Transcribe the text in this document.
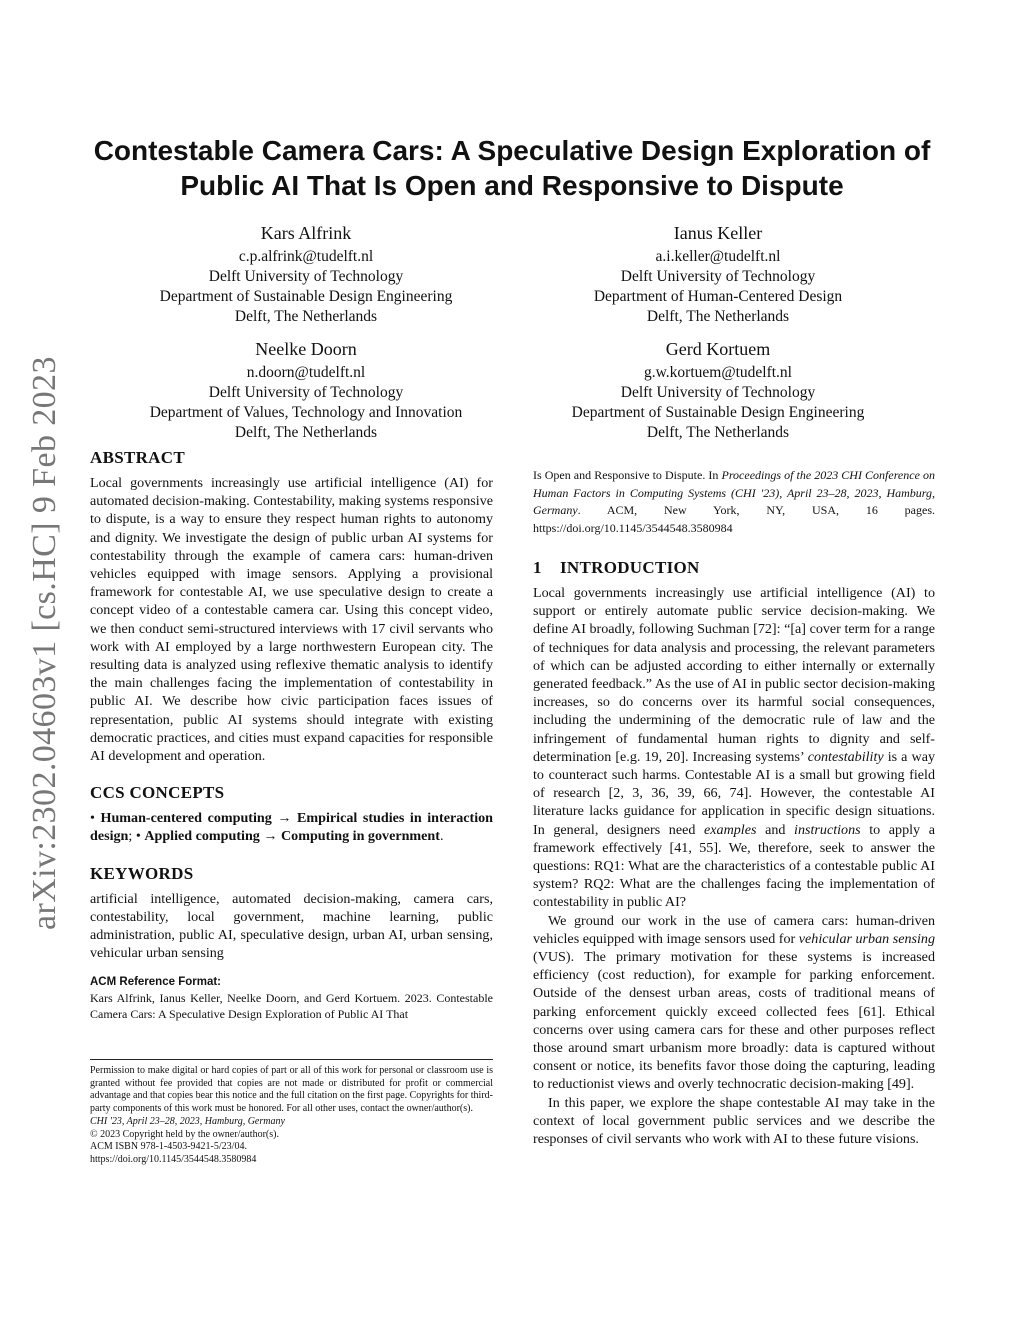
arXiv:2302.04603v1 [cs.HC] 9 Feb 2023
Contestable Camera Cars: A Speculative Design Exploration of
Public AI That Is Open and Responsive to Dispute
Kars Alfrink
c.p.alfrink@tudelft.nl
Delft University of Technology
Department of Sustainable Design Engineering
Delft, The Netherlands
Ianus Keller
a.i.keller@tudelft.nl
Delft University of Technology
Department of Human-Centered Design
Delft, The Netherlands
Neelke Doorn
n.doorn@tudelft.nl
Delft University of Technology
Department of Values, Technology and Innovation
Delft, The Netherlands
Gerd Kortuem
g.w.kortuem@tudelft.nl
Delft University of Technology
Department of Sustainable Design Engineering
Delft, The Netherlands
ABSTRACT

Local governments increasingly use artificial intelligence (AI) for automated decision-making. Contestability, making systems responsive to dispute, is a way to ensure they respect human rights to autonomy and dignity. We investigate the design of public urban AI systems for contestability through the example of camera cars: human-driven vehicles equipped with image sensors. Applying a provisional framework for contestable AI, we use speculative design to create a concept video of a contestable camera car. Using this concept video, we then conduct semi-structured interviews with 17 civil servants who work with AI employed by a large northwestern European city. The resulting data is analyzed using reflexive thematic analysis to identify the main challenges facing the implementation of contestability in public AI. We describe how civic participation faces issues of representation, public AI systems should integrate with existing democratic practices, and cities must expand capacities for responsible AI development and operation.

CCS CONCEPTS

• Human-centered computing → Empirical studies in interaction design; • Applied computing → Computing in government.

KEYWORDS

artificial intelligence, automated decision-making, camera cars, contestability, local government, machine learning, public administration, public AI, speculative design, urban AI, urban sensing, vehicular urban sensing

ACM Reference Format:

Kars Alfrink, Ianus Keller, Neelke Doorn, and Gerd Kortuem. 2023. Contestable Camera Cars: A Speculative Design Exploration of Public AI That

Permission to make digital or hard copies of part or all of this work for personal or classroom use is granted without fee provided that copies are not made or distributed for profit or commercial advantage and that copies bear this notice and the full citation on the first page. Copyrights for third-party components of this work must be honored. For all other uses, contact the owner/author(s).
CHI '23, April 23–28, 2023, Hamburg, Germany
© 2023 Copyright held by the owner/author(s).
ACM ISBN 978-1-4503-9421-5/23/04.
https://doi.org/10.1145/3544548.3580984

Is Open and Responsive to Dispute. In Proceedings of the 2023 CHI Conference on Human Factors in Computing Systems (CHI '23), April 23–28, 2023, Hamburg, Germany. ACM, New York, NY, USA, 16 pages. https://doi.org/10.1145/3544548.3580984

1 INTRODUCTION

Local governments increasingly use artificial intelligence (AI) to support or entirely automate public service decision-making. We define AI broadly, following Suchman [72]: “[a] cover term for a range of techniques for data analysis and processing, the relevant parameters of which can be adjusted according to either internally or externally generated feedback.” As the use of AI in public sector decision-making increases, so do concerns over its harmful social consequences, including the undermining of the democratic rule of law and the infringement of fundamental human rights to dignity and self-determination [e.g. 19, 20]. Increasing systems’ contestability is a way to counteract such harms. Contestable AI is a small but growing field of research [2, 3, 36, 39, 66, 74]. However, the contestable AI literature lacks guidance for application in specific design situations. In general, designers need examples and instructions to apply a framework effectively [41, 55]. We, therefore, seek to answer the questions: RQ1: What are the characteristics of a contestable public AI system? RQ2: What are the challenges facing the implementation of contestability in public AI?

We ground our work in the use of camera cars: human-driven vehicles equipped with image sensors used for vehicular urban sensing (VUS). The primary motivation for these systems is increased efficiency (cost reduction), for example for parking enforcement. Outside of the densest urban areas, costs of traditional means of parking enforcement quickly exceed collected fees [61]. Ethical concerns over using camera cars for these and other purposes reflect those around smart urbanism more broadly: data is captured without consent or notice, its benefits favor those doing the capturing, leading to reductionist views and overly technocratic decision-making [49].

In this paper, we explore the shape contestable AI may take in the context of local government public services and we describe the responses of civil servants who work with AI to these future visions.
